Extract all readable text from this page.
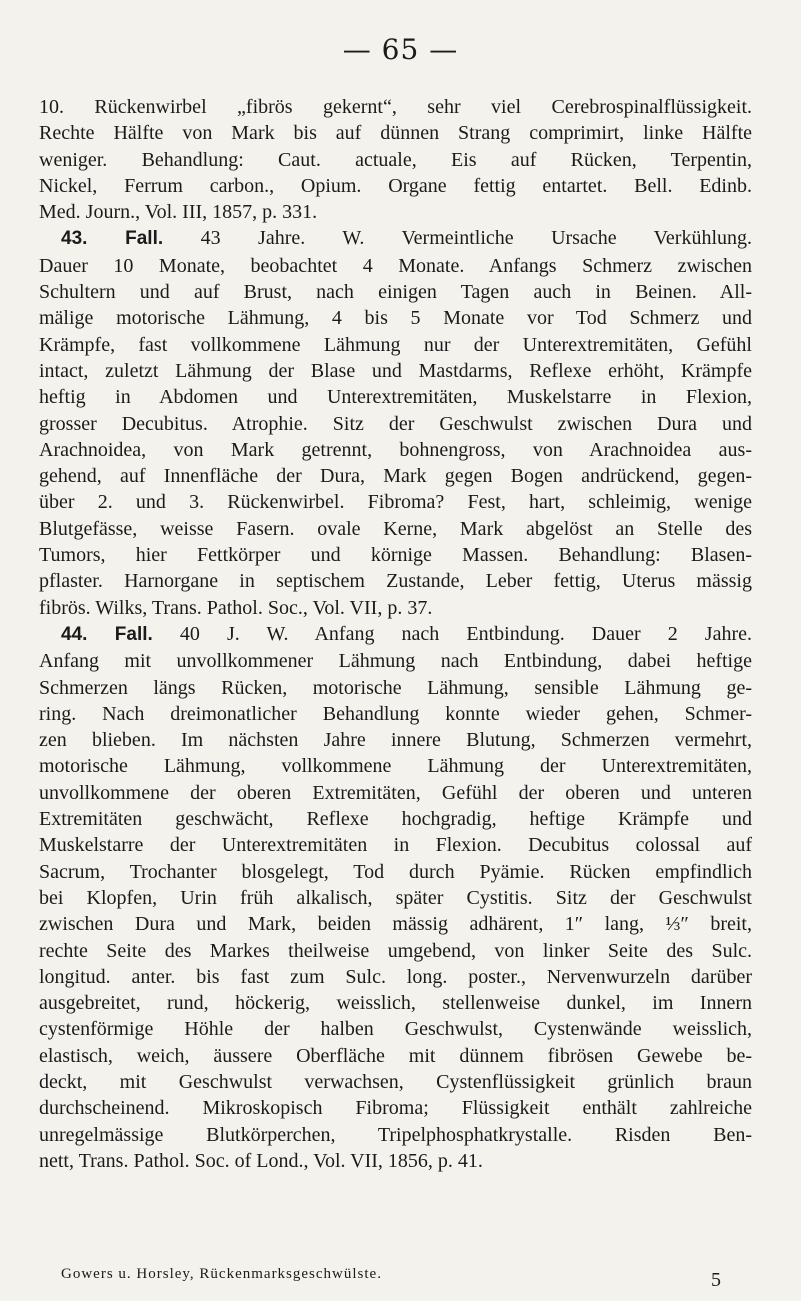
— 65 —
10. Rückenwirbel „fibrös gekernt“, sehr viel Cerebrospinalflüssigkeit.
Rechte Hälfte von Mark bis auf dünnen Strang comprimirt, linke Hälfte
weniger. Behandlung: Caut. actuale, Eis auf Rücken, Terpentin,
Nickel, Ferrum carbon., Opium. Organe fettig entartet. Bell. Edinb.
Med. Journ., Vol. III, 1857, p. 331.
43. Fall. 43 Jahre. W. Vermeintliche Ursache Verkühlung.
Dauer 10 Monate, beobachtet 4 Monate. Anfangs Schmerz zwischen
Schultern und auf Brust, nach einigen Tagen auch in Beinen. All-
mälige motorische Lähmung, 4 bis 5 Monate vor Tod Schmerz und
Krämpfe, fast vollkommene Lähmung nur der Unterextremitäten, Gefühl
intact, zuletzt Lähmung der Blase und Mastdarms, Reflexe erhöht, Krämpfe
heftig in Abdomen und Unterextremitäten, Muskelstarre in Flexion,
grosser Decubitus. Atrophie. Sitz der Geschwulst zwischen Dura und
Arachnoidea, von Mark getrennt, bohnengross, von Arachnoidea aus-
gehend, auf Innenfläche der Dura, Mark gegen Bogen andrückend, gegen-
über 2. und 3. Rückenwirbel. Fibroma? Fest, hart, schleimig, wenige
Blutgefässe, weisse Fasern. ovale Kerne, Mark abgelöst an Stelle des
Tumors, hier Fettkörper und körnige Massen. Behandlung: Blasen-
pflaster. Harnorgane in septischem Zustande, Leber fettig, Uterus mässig
fibrös. Wilks, Trans. Pathol. Soc., Vol. VII, p. 37.
44. Fall. 40 J. W. Anfang nach Entbindung. Dauer 2 Jahre.
Anfang mit unvollkommener Lähmung nach Entbindung, dabei heftige
Schmerzen längs Rücken, motorische Lähmung, sensible Lähmung ge-
ring. Nach dreimonatlicher Behandlung konnte wieder gehen, Schmer-
zen blieben. Im nächsten Jahre innere Blutung, Schmerzen vermehrt,
motorische Lähmung, vollkommene Lähmung der Unterextremitäten,
unvollkommene der oberen Extremitäten, Gefühl der oberen und unteren
Extremitäten geschwächt, Reflexe hochgradig, heftige Krämpfe und
Muskelstarre der Unterextremitäten in Flexion. Decubitus colossal auf
Sacrum, Trochanter blosgelegt, Tod durch Pyämie. Rücken empfindlich
bei Klopfen, Urin früh alkalisch, später Cystitis. Sitz der Geschwulst
zwischen Dura und Mark, beiden mässig adhärent, 1″ lang, ⅓″ breit,
rechte Seite des Markes theilweise umgebend, von linker Seite des Sulc.
longitud. anter. bis fast zum Sulc. long. poster., Nervenwurzeln darüber
ausgebreitet, rund, höckerig, weisslich, stellenweise dunkel, im Innern
cystenförmige Höhle der halben Geschwulst, Cystenwände weisslich,
elastisch, weich, äussere Oberfläche mit dünnem fibrösen Gewebe be-
deckt, mit Geschwulst verwachsen, Cystenflüssigkeit grünlich braun
durchscheinend. Mikroskopisch Fibroma; Flüssigkeit enthält zahlreiche
unregelmässige Blutkörperchen, Tripelphosphatkrystalle. Risden Ben-
nett, Trans. Pathol. Soc. of Lond., Vol. VII, 1856, p. 41.
Gowers u. Horsley, Rückenmarksgeschwülste.	5
